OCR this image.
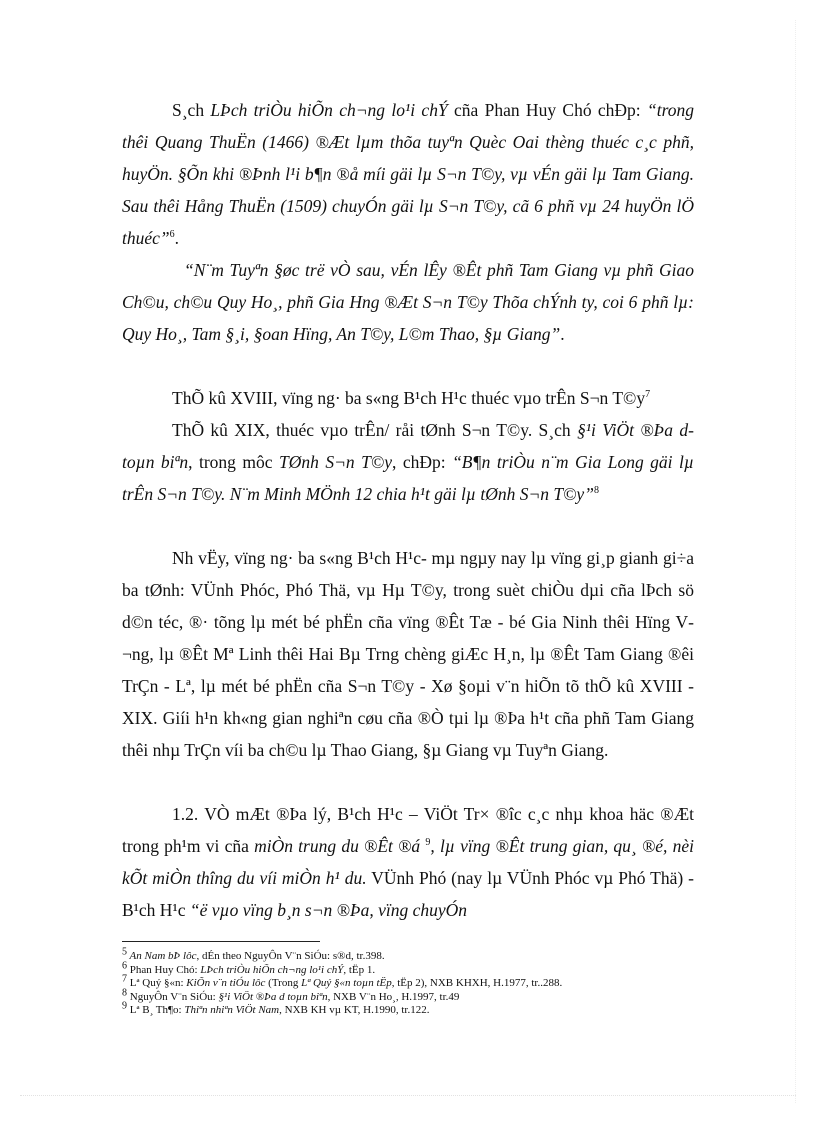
S¸ch LÞch triÒu hiÕn ch¬ng lo¹i chÝ cña Phan Huy Chó chÐp: “trong thêi Quang ThuËn (1466) ®Æt lµm thõa tuyªn Quèc Oai thèng thuéc c¸c phñ, huyÖn. §Õn khi ®Þnh l¹i b¶n ®å míi gäi lµ S¬n T©y, vµ vÉn gäi lµ Tam Giang. Sau thêi Hång ThuËn (1509) chuyÓn gäi lµ S¬n T©y, cã 6 phñ vµ 24 huyÖn lÖ thuéc”$^6$.

“N¨m Tuyªn §øc trë vÒ sau, vÉn lÊy ®Êt phñ Tam Giang vµ phñ Giao Ch©u, ch©u Quy Ho¸, phñ Gia Hng ®Æt S¬n T©y Thõa chÝnh ty, coi 6 phñ lµ: Quy Ho¸, Tam §¸i, §oan Hïng, An T©y, L©m Thao, §µ Giang”.

ThÕ kû XVIII, vïng ng· ba s«ng B¹ch H¹c thuéc vµo trÊn S¬n $T©y^7$

ThÕ kû XIX, thuéc vµo trÊn/ råi tØnh S¬n T©y. S¸ch §¹i ViÖt ®Þa d toµn biªn, trong môc TØnh S¬n T©y, chÐp: “B¶n triÒu n¨m Gia Long gäi lµ trÊn S¬n T©y. N¨m Minh MÖnh 12 chia h¹t gäi lµ tØnh S¬n T©y”$^8$

Nh vËy, vïng ng· ba s«ng B¹ch H¹c- mµ ngµy nay lµ vïng gi¸p gianh gi÷a ba tØnh: VÜnh Phóc, Phó Thä, vµ Hµ T©y, trong suèt chiÒu dµi cña lÞch sö d©n téc, ®· tõng lµ mét bé phËn cña vïng ®Êt Tæ - bé Gia Ninh thêi Hïng V¬ng, lµ ®Êt Mª Linh thêi Hai Bµ Trng chèng giÆc H¸n, lµ ®Êt Tam Giang ®êi TrÇn - Lª, lµ mét bé phËn cña S¬n T©y - Xø §oµi v¨n hiÕn tõ thÕ kû XVIII - XIX. Giíi h¹n kh«ng gian nghiªn cøu cña ®Ò tµi lµ ®Þa h¹t cña phñ Tam Giang thêi nhµ TrÇn víi ba ch©u lµ Thao Giang, §µ Giang vµ Tuyªn Giang.

1.2. VÒ mÆt ®Þa lý, B¹ch H¹c – ViÖt Tr× ®îc c¸c nhµ khoa häc ®Æt trong ph¹m vi cña miÒn trung du ®Êt ®á $^9$, lµ vïng ®Êt trung gian, qu¸ ®é, nèi kÕt miÒn thîng du víi miÒn h¹ du. VÜnh Phó (nay lµ VÜnh Phóc vµ Phó Thä) - B¹ch H¹c “ë vµo vïng b¸n s¬n ®Þa, vïng chuyÓn

$^5$ An Nam bÞ lôc, dÉn theo NguyÔn V¨n SiÓu: s®d, tr.398.

$^6$ Phan Huy Chó: LÞch triÒu hiÕn ch¬ng lo¹i chÝ, tËp 1.

$^7$ Lª Quý §«n: KiÕn v¨n tiÓu lôc (Trong Lª Quý §«n toµn tËp, tËp 2), NXB KHXH, H.1977, tr..288.

$^8$ NguyÔn V¨n SiÓu: §¹i ViÖt ®Þa d toµn biªn, NXB V¨n Ho¸, H.1997, tr.49

$^9$ Lª B¸ Th¶o: Thiªn nhiªn ViÖt Nam, NXB KH vµ KT, H.1990, tr.122.
